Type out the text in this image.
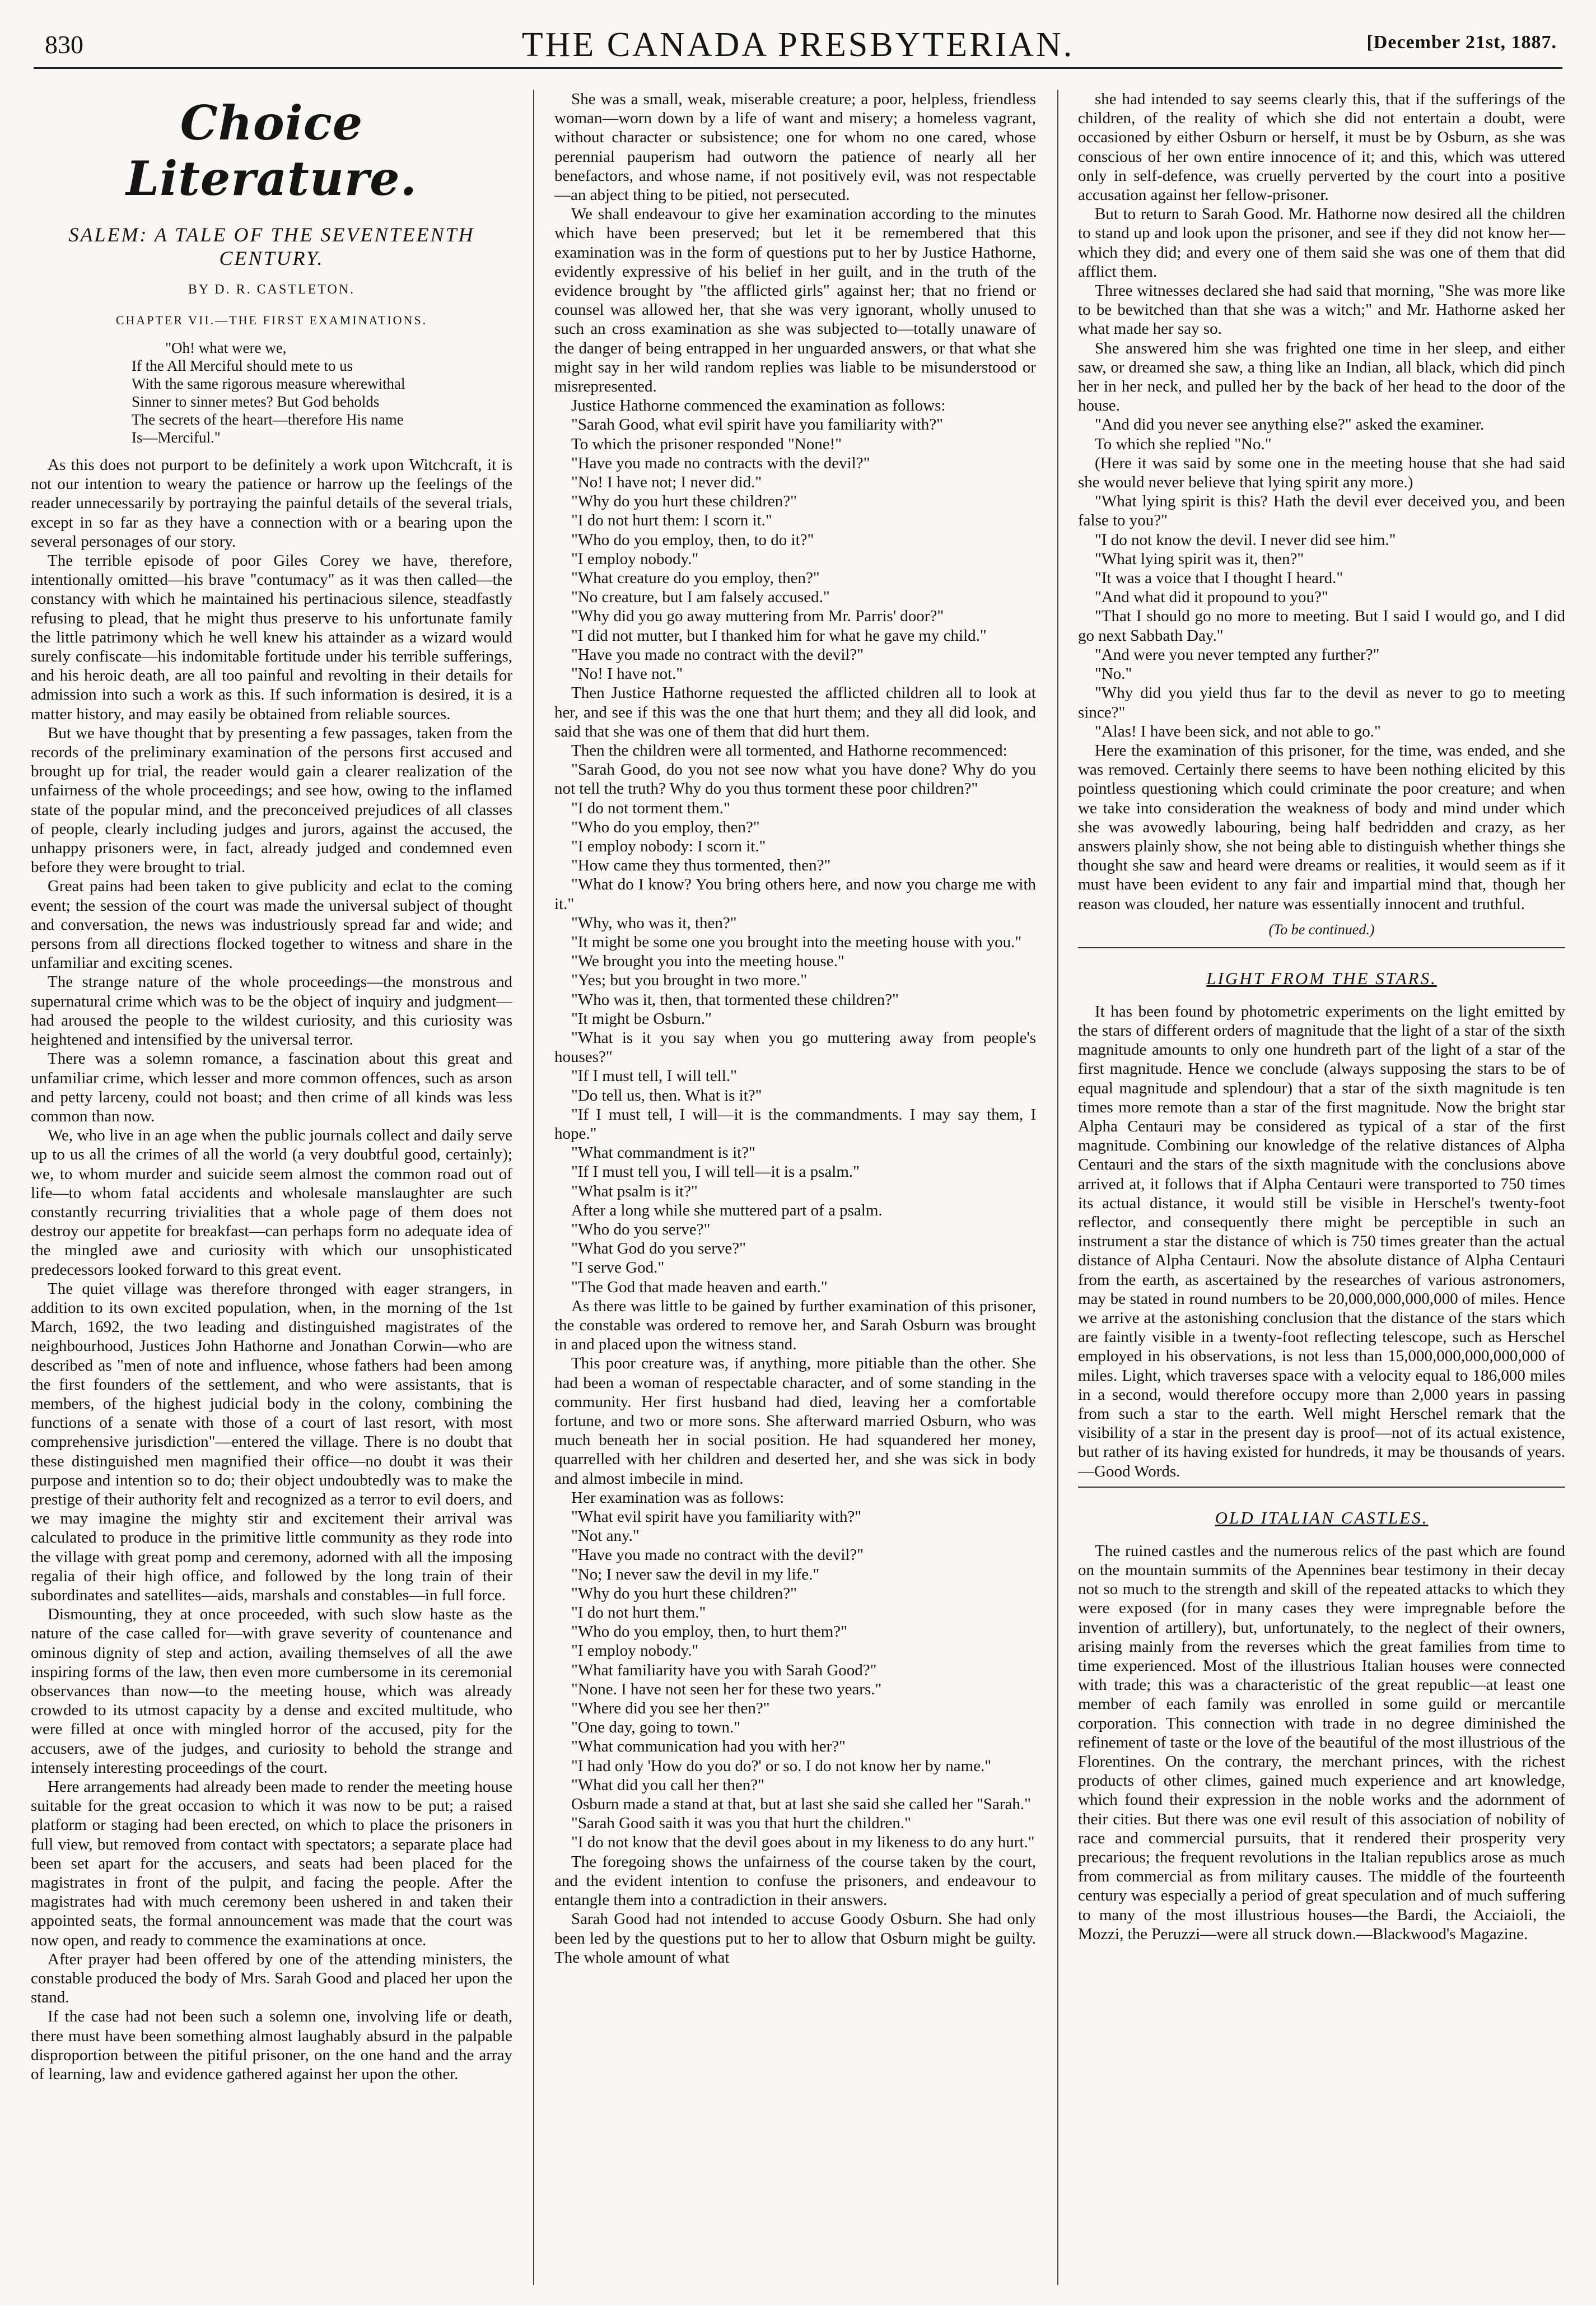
830	THE CANADA PRESBYTERIAN.	[December 21st, 1887.
Choice Literature.
SALEM: A TALE OF THE SEVENTEENTH CENTURY.
BY D. R. CASTLETON.
CHAPTER VII.—THE FIRST EXAMINATIONS.
"Oh! what were we,
If the All Merciful should mete to us
With the same rigorous measure wherewithal
Sinner to sinner metes? But God beholds
The secrets of the heart—therefore His name
Is—Merciful."

As this does not purport to be definitely a work upon Witchcraft, it is not our intention to weary the patience or harrow up the feelings of the reader unnecessarily by portraying the painful details of the several trials, except in so far as they have a connection with or a bearing upon the several personages of our story.

The terrible episode of poor Giles Corey we have, therefore, intentionally omitted—his brave "contumacy" as it was then called—the constancy with which he maintained his pertinacious silence, steadfastly refusing to plead, that he might thus preserve to his unfortunate family the little patrimony which he well knew his attainder as a wizard would surely confiscate—his indomitable fortitude under his terrible sufferings, and his heroic death, are all too painful and revolting in their details for admission into such a work as this. If such information is desired, it is a matter history, and may easily be obtained from reliable sources.

But we have thought that by presenting a few passages, taken from the records of the preliminary examination of the persons first accused and brought up for trial, the reader would gain a clearer realization of the unfairness of the whole proceedings; and see how, owing to the inflamed state of the popular mind, and the preconceived prejudices of all classes of people, clearly including judges and jurors, against the accused, the unhappy prisoners were, in fact, already judged and condemned even before they were brought to trial.

Great pains had been taken to give publicity and eclat to the coming event; the session of the court was made the universal subject of thought and conversation, the news was industriously spread far and wide; and persons from all directions flocked together to witness and share in the unfamiliar and exciting scenes.

The strange nature of the whole proceedings—the monstrous and supernatural crime which was to be the object of inquiry and judgment—had aroused the people to the wildest curiosity, and this curiosity was heightened and intensified by the universal terror.

There was a solemn romance, a fascination about this great and unfamiliar crime, which lesser and more common offences, such as arson and petty larceny, could not boast; and then crime of all kinds was less common than now.

We, who live in an age when the public journals collect and daily serve up to us all the crimes of all the world (a very doubtful good, certainly); we, to whom murder and suicide seem almost the common road out of life—to whom fatal accidents and wholesale manslaughter are such constantly recurring trivialities that a whole page of them does not destroy our appetite for breakfast—can perhaps form no adequate idea of the mingled awe and curiosity with which our unsophisticated predecessors looked forward to this great event.

The quiet village was therefore thronged with eager strangers, in addition to its own excited population, when, in the morning of the 1st March, 1692, the two leading and distinguished magistrates of the neighbourhood, Justices John Hathorne and Jonathan Corwin—who are described as "men of note and influence, whose fathers had been among the first founders of the settlement, and who were assistants, that is members, of the highest judicial body in the colony, combining the functions of a senate with those of a court of last resort, with most comprehensive jurisdiction"—entered the village. There is no doubt that these distinguished men magnified their office—no doubt it was their purpose and intention so to do; their object undoubtedly was to make the prestige of their authority felt and recognized as a terror to evil doers, and we may imagine the mighty stir and excitement their arrival was calculated to produce in the primitive little community as they rode into the village with great pomp and ceremony, adorned with all the imposing regalia of their high office, and followed by the long train of their subordinates and satellites—aids, marshals and constables—in full force.

Dismounting, they at once proceeded, with such slow haste as the nature of the case called for—with grave severity of countenance and ominous dignity of step and action, availing themselves of all the awe inspiring forms of the law, then even more cumbersome in its ceremonial observances than now—to the meeting house, which was already crowded to its utmost capacity by a dense and excited multitude, who were filled at once with mingled horror of the accused, pity for the accusers, awe of the judges, and curiosity to behold the strange and intensely interesting proceedings of the court.

Here arrangements had already been made to render the meeting house suitable for the great occasion to which it was now to be put; a raised platform or staging had been erected, on which to place the prisoners in full view, but removed from contact with spectators; a separate place had been set apart for the accusers, and seats had been placed for the magistrates in front of the pulpit, and facing the people. After the magistrates had with much ceremony been ushered in and taken their appointed seats, the formal announcement was made that the court was now open, and ready to commence the examinations at once.

After prayer had been offered by one of the attending ministers, the constable produced the body of Mrs. Sarah Good and placed her upon the stand.

If the case had not been such a solemn one, involving life or death, there must have been something almost laughably absurd in the palpable disproportion between the pitiful prisoner, on the one hand and the array of learning, law and evidence gathered against her upon the other.

She was a small, weak, miserable creature; a poor, helpless, friendless woman—worn down by a life of want and misery; a homeless vagrant, without character or subsistence; one for whom no one cared, whose perennial pauperism had outworn the patience of nearly all her benefactors, and whose name, if not positively evil, was not respectable—an abject thing to be pitied, not persecuted.

We shall endeavour to give her examination according to the minutes which have been preserved; but let it be remembered that this examination was in the form of questions put to her by Justice Hathorne, evidently expressive of his belief in her guilt, and in the truth of the evidence brought by "the afflicted girls" against her; that no friend or counsel was allowed her, that she was very ignorant, wholly unused to such an cross examination as she was subjected to—totally unaware of the danger of being entrapped in her unguarded answers, or that what she might say in her wild random replies was liable to be misunderstood or misrepresented.

Justice Hathorne commenced the examination as follows:

"Sarah Good, what evil spirit have you familiarity with?"

To which the prisoner responded "None!"

"Have you made no contracts with the devil?"

"No! I have not; I never did."

"Why do you hurt these children?"

"I do not hurt them: I scorn it."

"Who do you employ, then, to do it?"

"I employ nobody."

"What creature do you employ, then?"

"No creature, but I am falsely accused."

"Why did you go away muttering from Mr. Parris' door?"

"I did not mutter, but I thanked him for what he gave my child."

"Have you made no contract with the devil?"

"No! I have not."

Then Justice Hathorne requested the afflicted children all to look at her, and see if this was the one that hurt them; and they all did look, and said that she was one of them that did hurt them.

Then the children were all tormented, and Hathorne recommenced:

"Sarah Good, do you not see now what you have done? Why do you not tell the truth? Why do you thus torment these poor children?"

"I do not torment them."

"Who do you employ, then?"

"I employ nobody: I scorn it."

"How came they thus tormented, then?"

"What do I know? You bring others here, and now you charge me with it."

"Why, who was it, then?"

"It might be some one you brought into the meeting house with you."

"We brought you into the meeting house."

"Yes; but you brought in two more."

"Who was it, then, that tormented these children?"

"It might be Osburn."

"What is it you say when you go muttering away from people's houses?"

"If I must tell, I will tell."

"Do tell us, then. What is it?"

"If I must tell, I will—it is the commandments. I may say them, I hope."

"What commandment is it?"

"If I must tell you, I will tell—it is a psalm."

"What psalm is it?"

After a long while she muttered part of a psalm.

"Who do you serve?"

"What God do you serve?"

"I serve God."

"The God that made heaven and earth."

As there was little to be gained by further examination of this prisoner, the constable was ordered to remove her, and Sarah Osburn was brought in and placed upon the witness stand.

This poor creature was, if anything, more pitiable than the other. She had been a woman of respectable character, and of some standing in the community. Her first husband had died, leaving her a comfortable fortune, and two or more sons. She afterward married Osburn, who was much beneath her in social position. He had squandered her money, quarrelled with her children and deserted her, and she was sick in body and almost imbecile in mind.

Her examination was as follows:

"What evil spirit have you familiarity with?"

"Not any."

"Have you made no contract with the devil?"

"No; I never saw the devil in my life."

"Why do you hurt these children?"

"I do not hurt them."

"Who do you employ, then, to hurt them?"

"I employ nobody."

"What familiarity have you with Sarah Good?"

"None. I have not seen her for these two years."

"Where did you see her then?"

"One day, going to town."

"What communication had you with her?"

"I had only 'How do you do?' or so. I do not know her by name."

"What did you call her then?"

Osburn made a stand at that, but at last she said she called her "Sarah."

"Sarah Good saith it was you that hurt the children."

"I do not know that the devil goes about in my likeness to do any hurt."

The foregoing shows the unfairness of the course taken by the court, and the evident intention to confuse the prisoners, and endeavour to entangle them into a contradiction in their answers.

Sarah Good had not intended to accuse Goody Osburn. She had only been led by the questions put to her to allow that Osburn might be guilty. The whole amount of what

she had intended to say seems clearly this, that if the sufferings of the children, of the reality of which she did not entertain a doubt, were occasioned by either Osburn or herself, it must be by Osburn, as she was conscious of her own entire innocence of it; and this, which was uttered only in self-defence, was cruelly perverted by the court into a positive accusation against her fellow-prisoner.

But to return to Sarah Good. Mr. Hathorne now desired all the children to stand up and look upon the prisoner, and see if they did not know her—which they did; and every one of them said she was one of them that did afflict them.

Three witnesses declared she had said that morning, "She was more like to be bewitched than that she was a witch;" and Mr. Hathorne asked her what made her say so.

She answered him she was frighted one time in her sleep, and either saw, or dreamed she saw, a thing like an Indian, all black, which did pinch her in her neck, and pulled her by the back of her head to the door of the house.

"And did you never see anything else?" asked the examiner.

To which she replied "No."

(Here it was said by some one in the meeting house that she had said she would never believe that lying spirit any more.)

"What lying spirit is this? Hath the devil ever deceived you, and been false to you?"

"I do not know the devil. I never did see him."

"What lying spirit was it, then?"

"It was a voice that I thought I heard."

"And what did it propound to you?"

"That I should go no more to meeting. But I said I would go, and I did go next Sabbath Day."

"And were you never tempted any further?"

"No."

"Why did you yield thus far to the devil as never to go to meeting since?"

"Alas! I have been sick, and not able to go."

Here the examination of this prisoner, for the time, was ended, and she was removed. Certainly there seems to have been nothing elicited by this pointless questioning which could criminate the poor creature; and when we take into consideration the weakness of body and mind under which she was avowedly labouring, being half bedridden and crazy, as her answers plainly show, she not being able to distinguish whether things she thought she saw and heard were dreams or realities, it would seem as if it must have been evident to any fair and impartial mind that, though her reason was clouded, her nature was essentially innocent and truthful.

(To be continued.)
LIGHT FROM THE STARS.

It has been found by photometric experiments on the light emitted by the stars of different orders of magnitude that the light of a star of the sixth magnitude amounts to only one hundreth part of the light of a star of the first magnitude. Hence we conclude (always supposing the stars to be of equal magnitude and splendour) that a star of the sixth magnitude is ten times more remote than a star of the first magnitude. Now the bright star Alpha Centauri may be considered as typical of a star of the first magnitude. Combining our knowledge of the relative distances of Alpha Centauri and the stars of the sixth magnitude with the conclusions above arrived at, it follows that if Alpha Centauri were transported to 750 times its actual distance, it would still be visible in Herschel's twenty-foot reflector, and consequently there might be perceptible in such an instrument a star the distance of which is 750 times greater than the actual distance of Alpha Centauri. Now the absolute distance of Alpha Centauri from the earth, as ascertained by the researches of various astronomers, may be stated in round numbers to be 20,000,000,000,000 of miles. Hence we arrive at the astonishing conclusion that the distance of the stars which are faintly visible in a twenty-foot reflecting telescope, such as Herschel employed in his observations, is not less than 15,000,000,000,000,000 of miles. Light, which traverses space with a velocity equal to 186,000 miles in a second, would therefore occupy more than 2,000 years in passing from such a star to the earth. Well might Herschel remark that the visibility of a star in the present day is proof—not of its actual existence, but rather of its having existed for hundreds, it may be thousands of years.—Good Words.

OLD ITALIAN CASTLES.

The ruined castles and the numerous relics of the past which are found on the mountain summits of the Apennines bear testimony in their decay not so much to the strength and skill of the repeated attacks to which they were exposed (for in many cases they were impregnable before the invention of artillery), but, unfortunately, to the neglect of their owners, arising mainly from the reverses which the great families from time to time experienced. Most of the illustrious Italian houses were connected with trade; this was a characteristic of the great republic—at least one member of each family was enrolled in some guild or mercantile corporation. This connection with trade in no degree diminished the refinement of taste or the love of the beautiful of the most illustrious of the Florentines. On the contrary, the merchant princes, with the richest products of other climes, gained much experience and art knowledge, which found their expression in the noble works and the adornment of their cities. But there was one evil result of this association of nobility of race and commercial pursuits, that it rendered their prosperity very precarious; the frequent revolutions in the Italian republics arose as much from commercial as from military causes. The middle of the fourteenth century was especially a period of great speculation and of much suffering to many of the most illustrious houses—the Bardi, the Acciaioli, the Mozzi, the Peruzzi—were all struck down.—Blackwood's Magazine.
